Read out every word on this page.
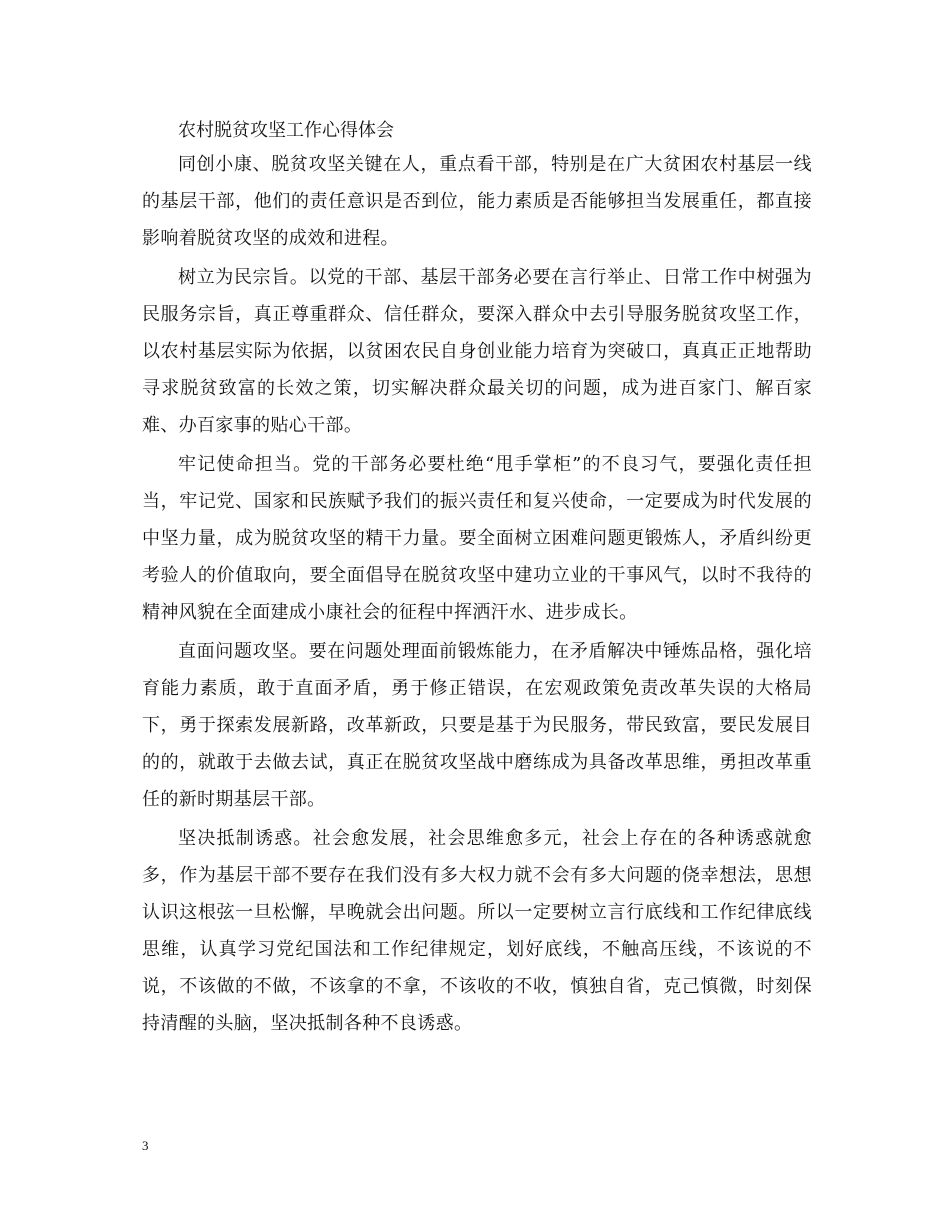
农村脱贫攻坚工作心得体会

同创小康、脱贫攻坚关键在人，重点看干部，特别是在广大贫困农村基层一线的基层干部，他们的责任意识是否到位，能力素质是否能够担当发展重任，都直接影响着脱贫攻坚的成效和进程。

树立为民宗旨。以党的干部、基层干部务必要在言行举止、日常工作中树强为民服务宗旨，真正尊重群众、信任群众，要深入群众中去引导服务脱贫攻坚工作，以农村基层实际为依据，以贫困农民自身创业能力培育为突破口，真真正正地帮助寻求脱贫致富的长效之策，切实解决群众最关切的问题，成为进百家门、解百家难、办百家事的贴心干部。

牢记使命担当。党的干部务必要杜绝“甩手掌柜”的不良习气，要强化责任担当，牢记党、国家和民族赋予我们的振兴责任和复兴使命，一定要成为时代发展的中坚力量，成为脱贫攻坚的精干力量。要全面树立困难问题更锻炼人，矛盾纠纷更考验人的价值取向，要全面倡导在脱贫攻坚中建功立业的干事风气，以时不我待的精神风貌在全面建成小康社会的征程中挥洒汗水、进步成长。

直面问题攻坚。要在问题处理面前锻炼能力，在矛盾解决中锤炼品格，强化培育能力素质，敢于直面矛盾，勇于修正错误，在宏观政策免责改革失误的大格局下，勇于探索发展新路，改革新政，只要是基于为民服务，带民致富，要民发展目的的，就敢于去做去试，真正在脱贫攻坚战中磨练成为具备改革思维，勇担改革重任的新时期基层干部。

坚决抵制诱惑。社会愈发展，社会思维愈多元，社会上存在的各种诱惑就愈多，作为基层干部不要存在我们没有多大权力就不会有多大问题的侥幸想法，思想认识这根弦一旦松懈，早晚就会出问题。所以一定要树立言行底线和工作纪律底线思维，认真学习党纪国法和工作纪律规定，划好底线，不触高压线，不该说的不说，不该做的不做，不该拿的不拿，不该收的不收，慎独自省，克己慎微，时刻保持清醒的头脑，坚决抵制各种不良诱惑。

3
